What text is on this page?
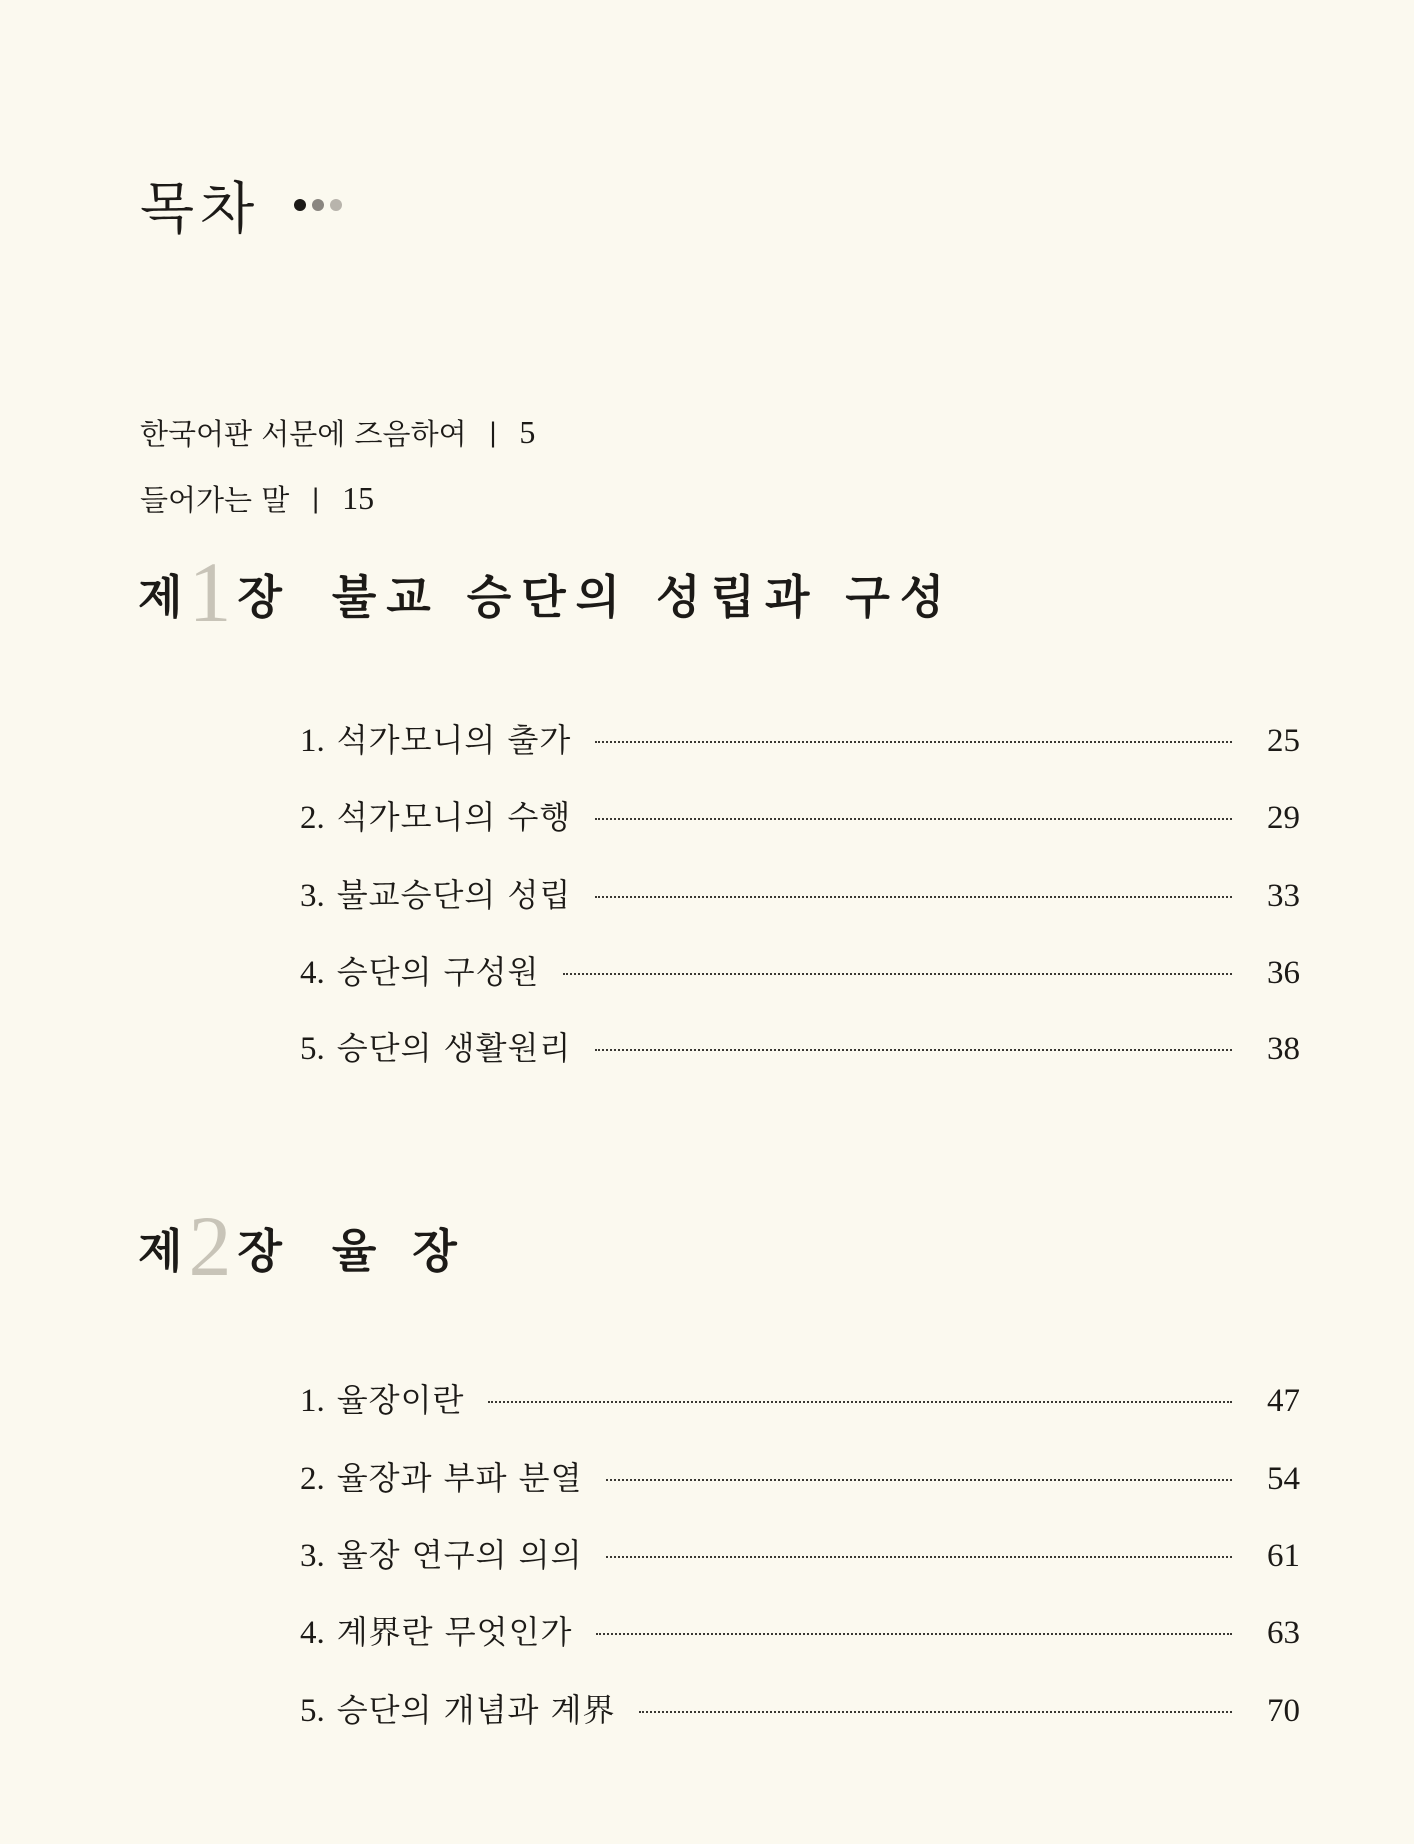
목차
한국어판 서문에 즈음하여 | 5
들어가는 말 | 15
제 1 장 불교 승단의 성립과 구성
1. 석가모니의 출가	25
2. 석가모니의 수행	29
3. 불교승단의 성립	33
4. 승단의 구성원	36
5. 승단의 생활원리	38
제 2 장 율 장
1. 율장이란	47
2. 율장과 부파 분열	54
3. 율장 연구의 의의	61
4. 계界란 무엇인가	63
5. 승단의 개념과 계界	70
